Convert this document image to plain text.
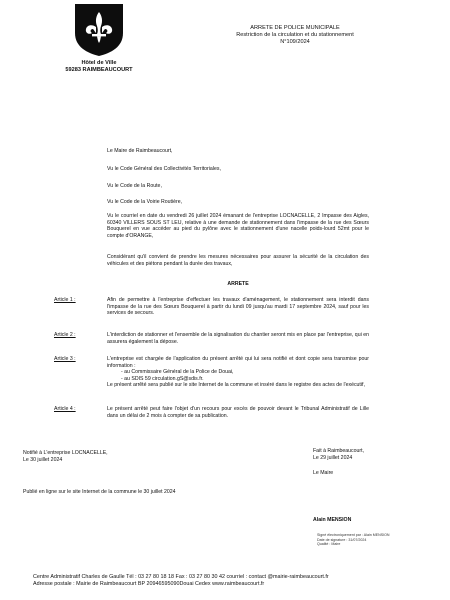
Hôtel de Ville
59283 RAIMBEAUCOURT
ARRETE DE POLICE MUNICIPALE
Restriction de la circulation et du stationnement
N°109/2024
Le Maire de Raimbeaucourt,
Vu le Code Général des Collectivités Territoriales,
Vu le Code de la Route,
Vu le Code de la Voirie Routière,
Vu le courriel en date du vendredi 26 juillet 2024 émanant de l'entreprise LOCNACELLE, 2 Impasse des Aigles, 60340 VILLERS SOUS ST LEU, relative à une demande de stationnement dans l'impasse de la rue des Sœurs Bouquerel en vue accéder au pied du pylône avec le stationnement d'une nacelle poids-lourd 52mt pour le compte d'ORANGE,
Considérant qu'il convient de prendre les mesures nécessaires pour assurer la sécurité de la circulation des véhicules et des piétons pendant la durée des travaux,
ARRETE
Article 1 :	Afin de permettre à l'entreprise d'effectuer les travaux d'aménagement, le stationnement sera interdit dans l'impasse de la rue des Sœurs Bouquerel à partir du lundi 09 jusqu'au mardi 17 septembre 2024, sauf pour les services de secours.
Article 2 :	L'interdiction de stationner et l'ensemble de la signalisation du chantier seront mis en place par l'entreprise, qui en assurera également la dépose.
Article 3 :	L'entreprise est chargée de l'application du présent arrêté qui lui sera notifié et dont copie sera transmise pour information :
- au Commissaire Général de la Police de Douai,
- au SDIS 59 circulation.gS@sdis.fr.
Le présent arrêté sera publié sur le site Internet de la commune et inséré dans le registre des actes de l'exécutif,
Article 4 :	Le présent arrêté peut faire l'objet d'un recours pour excès de pouvoir devant le Tribunal Administratif de Lille dans un délai de 2 mois à compter de sa publication.
Notifié à L'entreprise LOCNACELLE,
Le 30 juillet 2024
Publié en ligne sur le site Internet de la commune le 30 juillet 2024
Fait à Raimbeaucourt,
Le 29 juillet 2024
Le Maire
Alain MENSION
Signé électroniquement par : Alain MENSION
Date de signature : 31/07/2024
Qualité : Maire
Centre Administratif Charles de Gaulle Tél : 03 27 80 18 18 Fax : 03 27 80 30 42 courriel : contact @mairie-raimbeaucourt.fr
Adresse postale : Mairie de Raimbeaucourt BP 20946595090Douai Cedex www.raimbeaucourt.fr
